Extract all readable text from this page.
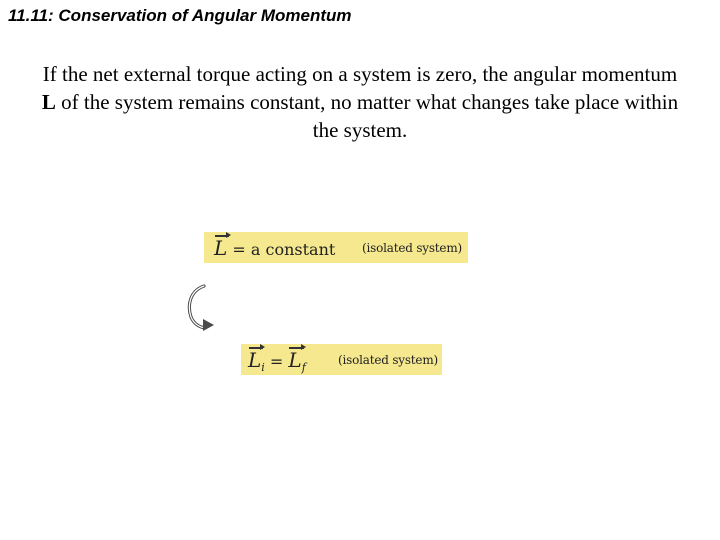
11.11: Conservation of Angular Momentum
If the net external torque acting on a system is zero, the angular momentum L of the system remains constant, no matter what changes take place within the system.
L = a constant (isolated system)
$L_i = L_f$
(isolated system)
